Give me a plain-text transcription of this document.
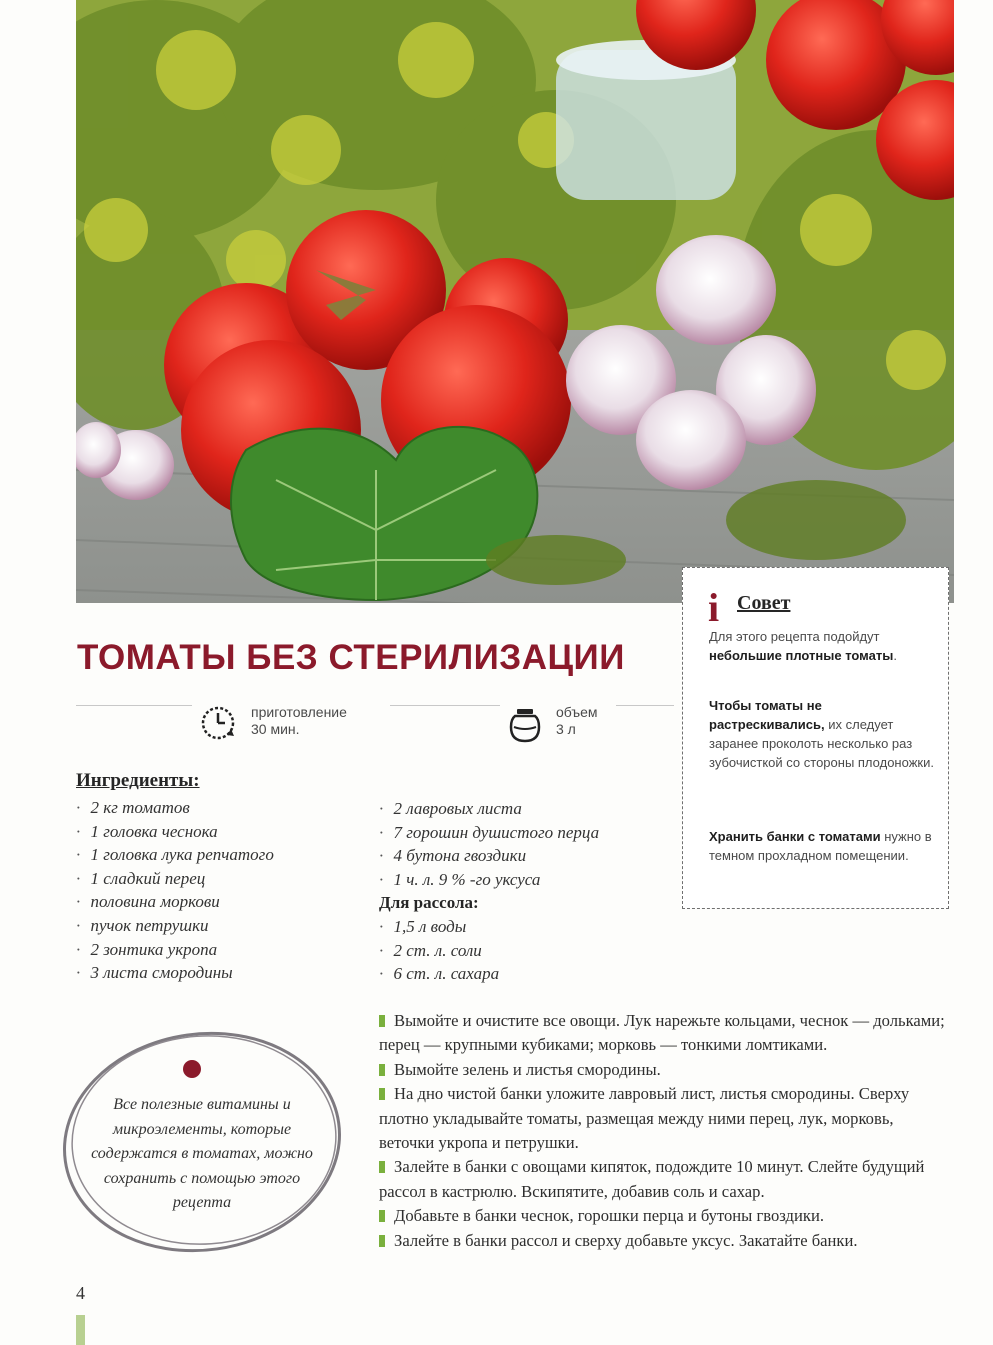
i Совет

Для этого рецепта подойдут небольшие плотные томаты.

Чтобы томаты не растрескивались, их следует заранее проколоть несколько раз зубочисткой со стороны плодоножки.

Хранить банки с томатами нужно в темном прохладном помещении.

ТОМАТЫ БЕЗ СТЕРИЛИЗАЦИИ
приготовление
30 мин.
объем
3 л
Ингредиенты:
· 2 кг томатов
· 1 головка чеснока
· 1 головка лука репчатого
· 1 сладкий перец
· половина моркови
· пучок петрушки
· 2 зонтика укропа
· 3 листа смородины
· 2 лавровых листа
· 7 горошин душистого перца
· 4 бутона гвоздики
· 1 ч. л. 9 % -го уксуса
Для рассола:
· 1,5 л воды
· 2 ст. л. соли
· 6 ст. л. сахара
Все полезные витамины и микроэлементы, которые содержатся в томатах, можно сохранить с помощью этого рецепта

Вымойте и очистите все овощи. Лук нарежьте кольцами, чеснок — дольками; перец — крупными кубиками; морковь — тонкими ломтиками.

Вымойте зелень и листья смородины.

На дно чистой банки уложите лавровый лист, листья смородины. Сверху плотно укладывайте томаты, размещая между ними перец, лук, морковь, веточки укропа и петрушки.

Залейте в банки с овощами кипяток, подождите 10 минут. Слейте будущий рассол в кастрюлю. Вскипятите, добавив соль и сахар.

Добавьте в банки чеснок, горошки перца и бутоны гвоздики.

Залейте в банки рассол и сверху добавьте уксус. Закатайте банки.

4
